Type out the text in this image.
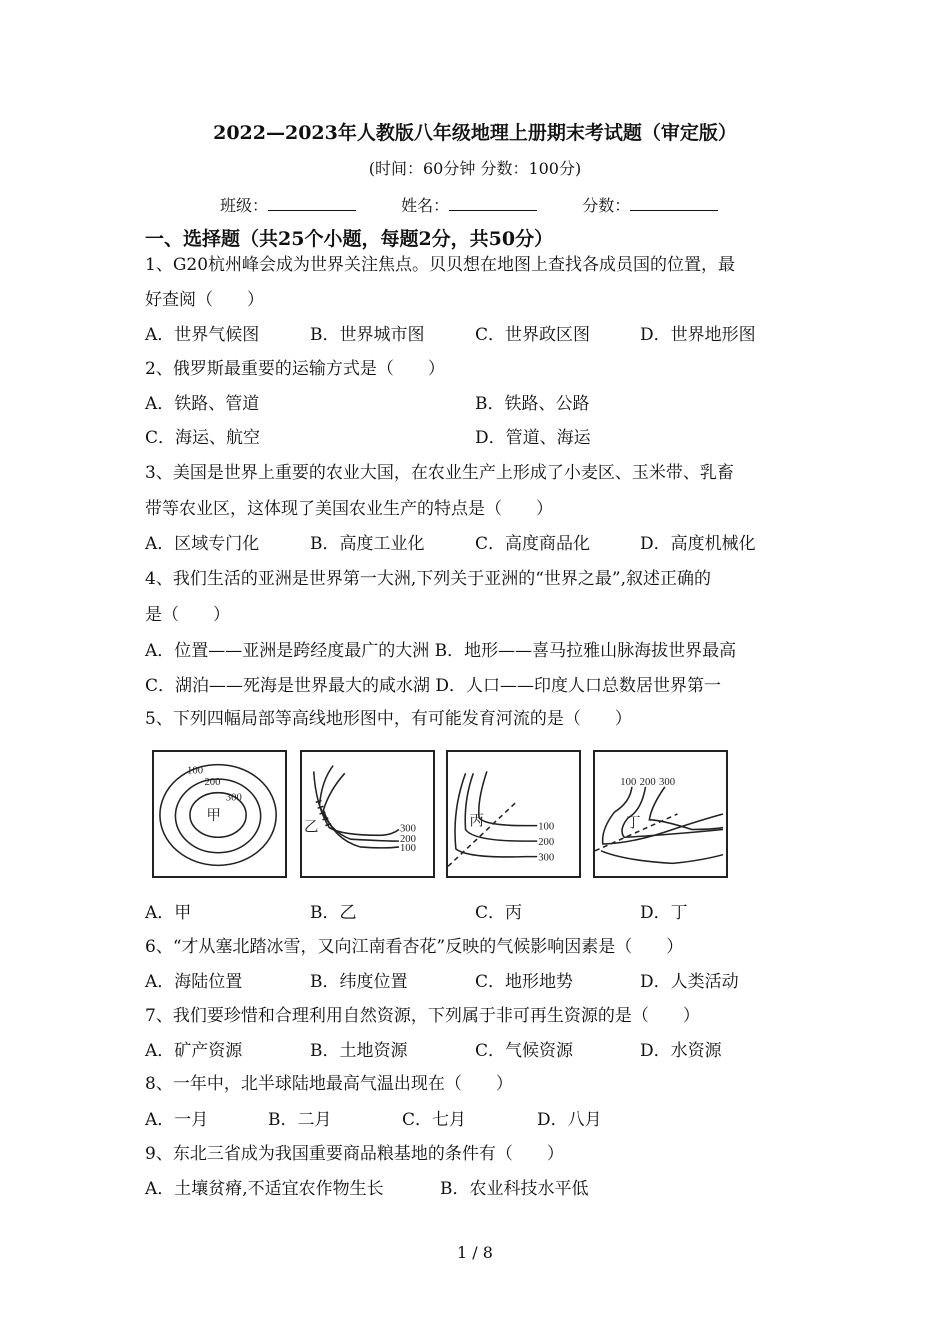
2022—2023年人教版八年级地理上册期末考试题（审定版）
(时间：60分钟 分数：100分)
班级：	姓名：	分数：
一、选择题（共25个小题，每题2分，共50分）
1、G20杭州峰会成为世界关注焦点。贝贝想在地图上查找各成员国的位置，最
好查阅（　　）
A．世界气候图	B．世界城市图	C．世界政区图	D．世界地形图
2、俄罗斯最重要的运输方式是（　　）
A．铁路、管道	B．铁路、公路
C．海运、航空	D．管道、海运
3、美国是世界上重要的农业大国，在农业生产上形成了小麦区、玉米带、乳畜
带等农业区，这体现了美国农业生产的特点是（　　）
A．区域专门化	B．高度工业化	C．高度商品化	D．高度机械化
4、我们生活的亚洲是世界第一大洲,下列关于亚洲的“世界之最”,叙述正确的
是（　　）
A．位置——亚洲是跨经度最广的大洲 B．地形——喜马拉雅山脉海拔世界最高
C．湖泊——死海是世界最大的咸水湖 D．人口——印度人口总数居世界第一
5、下列四幅局部等高线地形图中，有可能发育河流的是（　　）
100
200
300
甲
300
200
100
乙	100
200
300
丙
100 200 300
丁
A．甲	B．乙	C．丙	D．丁
6、“才从塞北踏冰雪，又向江南看杏花”反映的气候影响因素是（　　）
A．海陆位置	B．纬度位置	C．地形地势	D．人类活动
7、我们要珍惜和合理利用自然资源，下列属于非可再生资源的是（　　）
A．矿产资源	B．土地资源	C．气候资源	D．水资源
8、一年中，北半球陆地最高气温出现在（　　）
A．一月	B．二月	C．七月	D．八月
9、东北三省成为我国重要商品粮基地的条件有（　　）
A．土壤贫瘠,不适宜农作物生长	B．农业科技水平低
1 / 8
